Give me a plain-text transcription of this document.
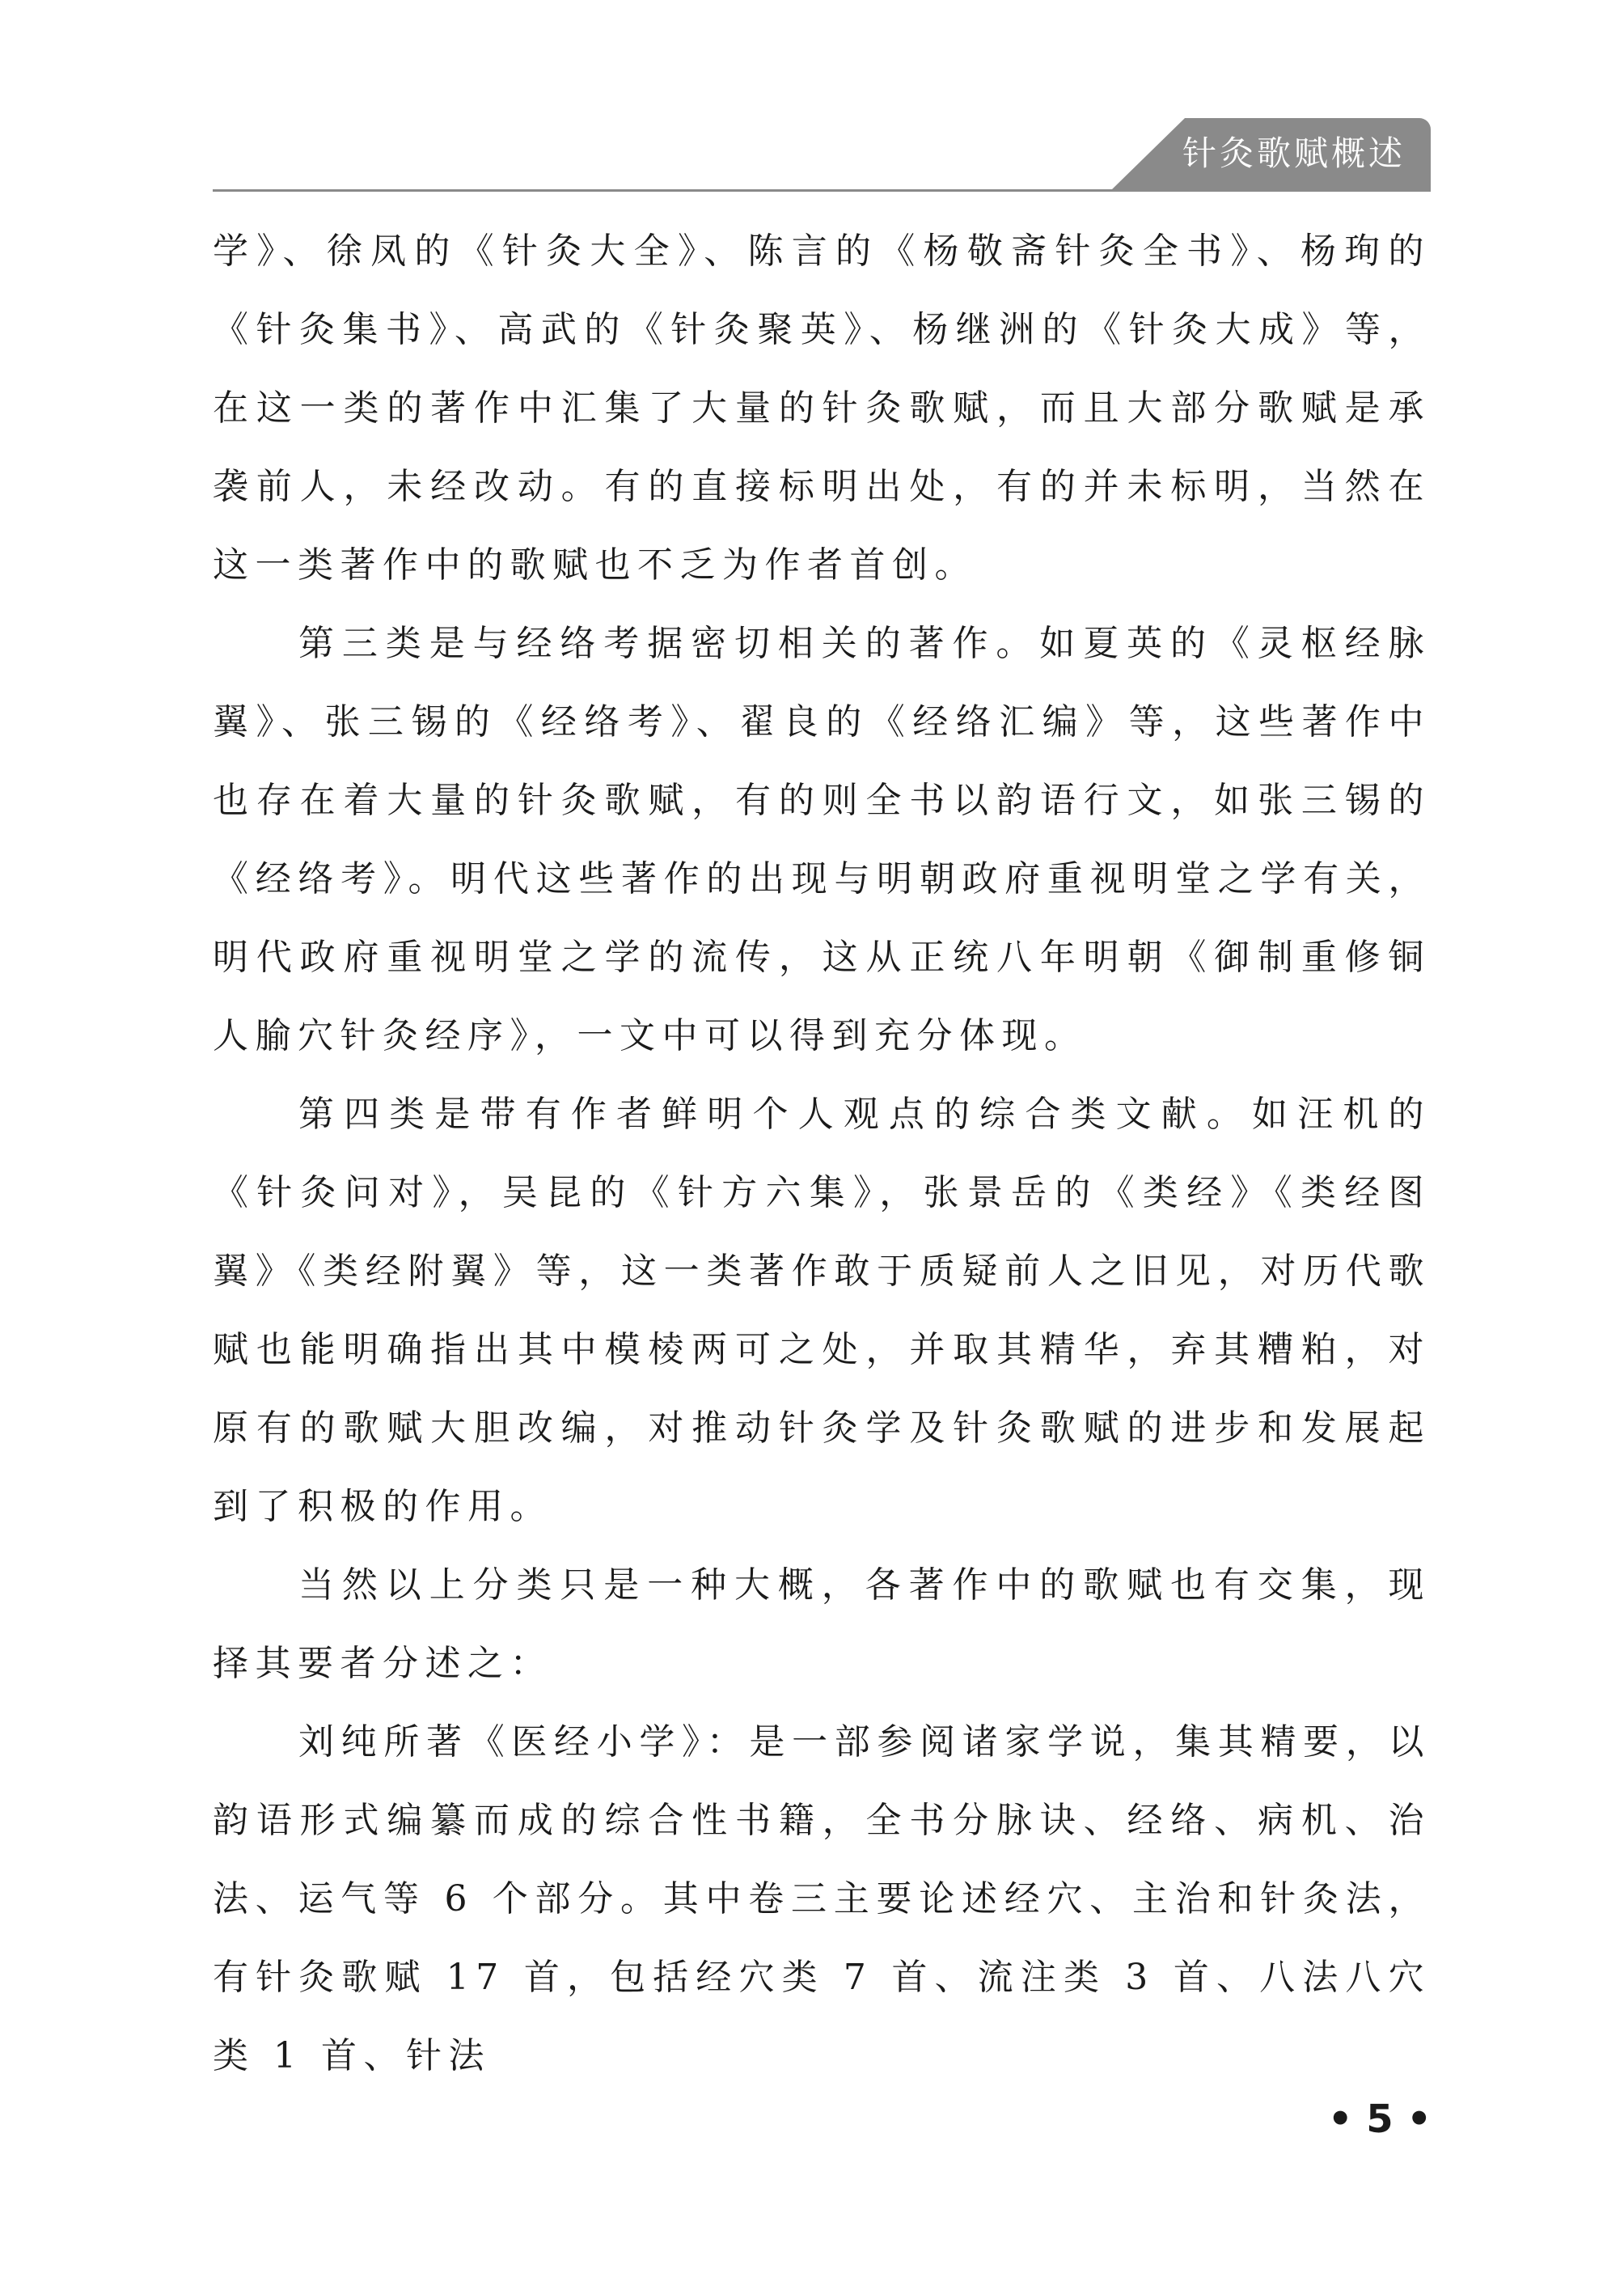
针灸歌赋概述

学》、徐凤的《针灸大全》、陈言的《杨敬斋针灸全书》、杨珣的《针灸集书》、高武的《针灸聚英》、杨继洲的《针灸大成》等，在这一类的著作中汇集了大量的针灸歌赋，而且大部分歌赋是承袭前人，未经改动。有的直接标明出处，有的并未标明，当然在这一类著作中的歌赋也不乏为作者首创。

第三类是与经络考据密切相关的著作。如夏英的《灵枢经脉翼》、张三锡的《经络考》、翟良的《经络汇编》等，这些著作中也存在着大量的针灸歌赋，有的则全书以韵语行文，如张三锡的《经络考》。明代这些著作的出现与明朝政府重视明堂之学有关，明代政府重视明堂之学的流传，这从正统八年明朝《御制重修铜人腧穴针灸经序》，一文中可以得到充分体现。

第四类是带有作者鲜明个人观点的综合类文献。如汪机的《针灸问对》，吴昆的《针方六集》，张景岳的《类经》《类经图翼》《类经附翼》等，这一类著作敢于质疑前人之旧见，对历代歌赋也能明确指出其中模棱两可之处，并取其精华，弃其糟粕，对原有的歌赋大胆改编，对推动针灸学及针灸歌赋的进步和发展起到了积极的作用。

当然以上分类只是一种大概，各著作中的歌赋也有交集，现择其要者分述之：

刘纯所著《医经小学》：是一部参阅诸家学说，集其精要，以韵语形式编纂而成的综合性书籍，全书分脉诀、经络、病机、治法、运气等 6 个部分。其中卷三主要论述经穴、主治和针灸法，有针灸歌赋 17 首，包括经穴类 7 首、流注类 3 首、八法八穴类 1 首、针法

• 5 •
